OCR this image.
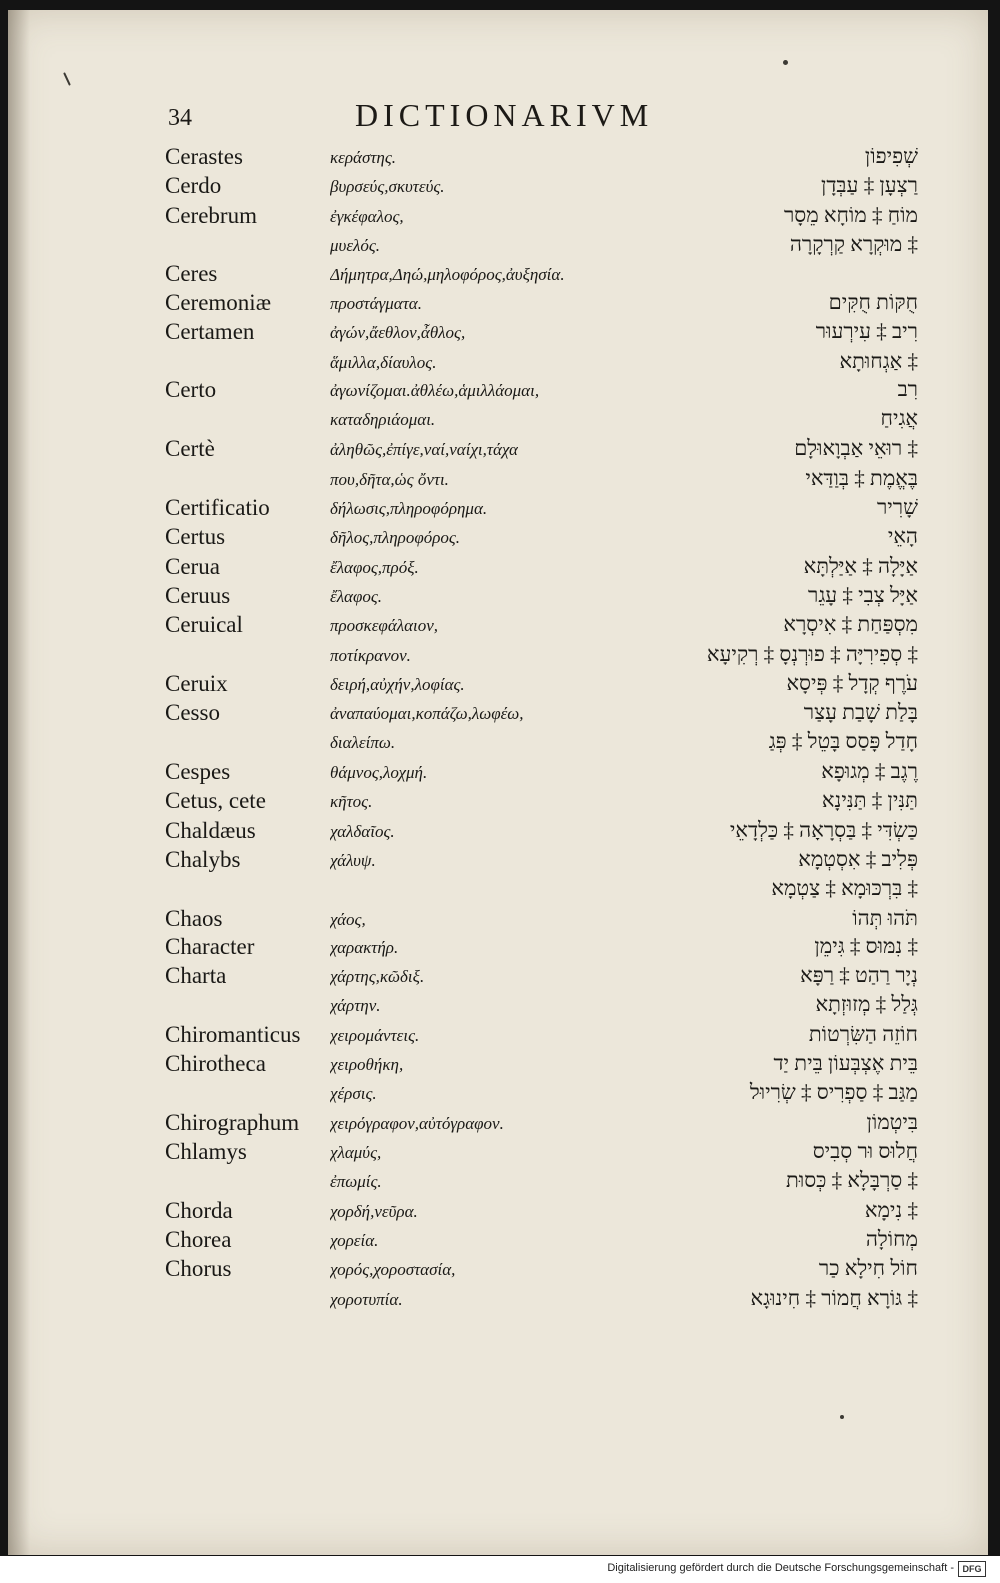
34	DICTIONARIVM
Cerastes	κεράστης.	שְׁפִיפוֹן
Cerdo	βυρσεύς,σκυτεύς.	רַצְעָן ‡ עַבְּדָן
Cerebrum	ἐγκέφαλος,	מוֹחַ ‡ מוֹחָא מֵסָר
μυελός.	‡ מוּקְרָא קַרְקָרָה
Ceres	Δήμητρα,Δηώ,μηλοφόρος,ἀυξησία.
Ceremoniæ	προστάγματα.	חֻקּוֹת חֻקִּים
Certamen	ἀγών,ἄεθλον,ἆθλος,	רִיב ‡ עִירְעוּר
ἅμιλλα,δίαυλος.	‡ אַגְחוּתָא
Certo	ἀγωνίζομαι.ἀθλέω,ἁμιλλάομαι,	רִב
καταδηριάομαι.	אֲגִיחַ
Certè	ἀληθῶς,ἐπίγε,ναί,ναίχι,τάχα	‡ רוּאֵי אַבְוָאוּלָם
που,δῆτα,ὡς ὄντι.	בֶּאֱמֶת ‡ בְּוַדַּאי
Certificatio	δήλωσις,πληροφόρημα.	שָׁרִיר
Certus	δῆλος,πληροφόρος.	הָאֵי
Cerua	ἔλαφος,πρόξ.	אַיָּלָה ‡ אַיַּלְתָּא
Ceruus	ἔλαφος.	אַיָּל צְבִי ‡ עָגֵר
Ceruical	προσκεφάλαιον,	מִסְפַּחַת ‡ אִיסְרָא
ποτίκρανον.	‡ סְפִירִיָּה ‡ פוּרְנְסָ ‡ רְקִיעָא
Ceruix	δειρή,αὐχήν,λοφίας.	עֹרֶף קְדָל ‡ פְּיסָא
Cesso	ἀναπαύομαι,κοπάζω,λωφέω,	בָּלַת שָׁבַת עָצַר
διαλείπω.	חָדַל פָּסַס בָּטֵל ‡ פְּגַ
Cespes	θάμνος,λοχμή.	רֶגֶב ‡ מְגוּפָא
Cetus, cete	κῆτος.	תַּנִּין ‡ תַּנִּינָא
Chaldæus	χαλδαῖος.	כַּשְׂדִּי ‡ בַּסְרָאָה ‡ כַּלְדָאֵי
Chalybs	χάλυψ.	פְּלִיב ‡ אִסְטְמָא
‡ בִּרְכּוּמָא ‡ צַטְמָא
Chaos	χάος,	תֹּהוּ תְּהוֹ
Character	χαρακτήρ.	‡ נִמּוּס ‡ גִּימֵן
Charta	χάρτης,κῶδιξ.	נְיָר רַהַט ‡ רַפָּא
χάρτην.	גְּלַל ‡ מְזוּזְתָא
Chiromanticus χειρομάντεις.	חוֹזֵה הַשִּׂרְטוֹת
Chirotheca	χειροθήκη,	בֵּית אֶצְבְּעוֹן בֵּית יַד
χέρσις.	מַגַּב ‡ סַפְרִיס ‡ שְׂרִיוּל
Chirographum χειρόγραφον,αὐτόγραφον.	בִּיטְמוֹן
Chlamys	χλαμύς,	חֲלוּס וּר סְבִיס
ἐπωμίς.	‡ סַרְבָּלָא ‡ כְּסוּת
Chorda	χορδή,νεῦρα.	‡ נִימָא
Chorea	χορεία.	מְחוֹלָה
Chorus	χορός,χοροστασία,	חוֹל חִילָא כַר
χοροτυπία.	‡ גּוֹרָא חֲמוֹר ‡ חִינוּגָא
Digitalisierung gefördert durch die Deutsche Forschungsgemeinschaft - DFG
